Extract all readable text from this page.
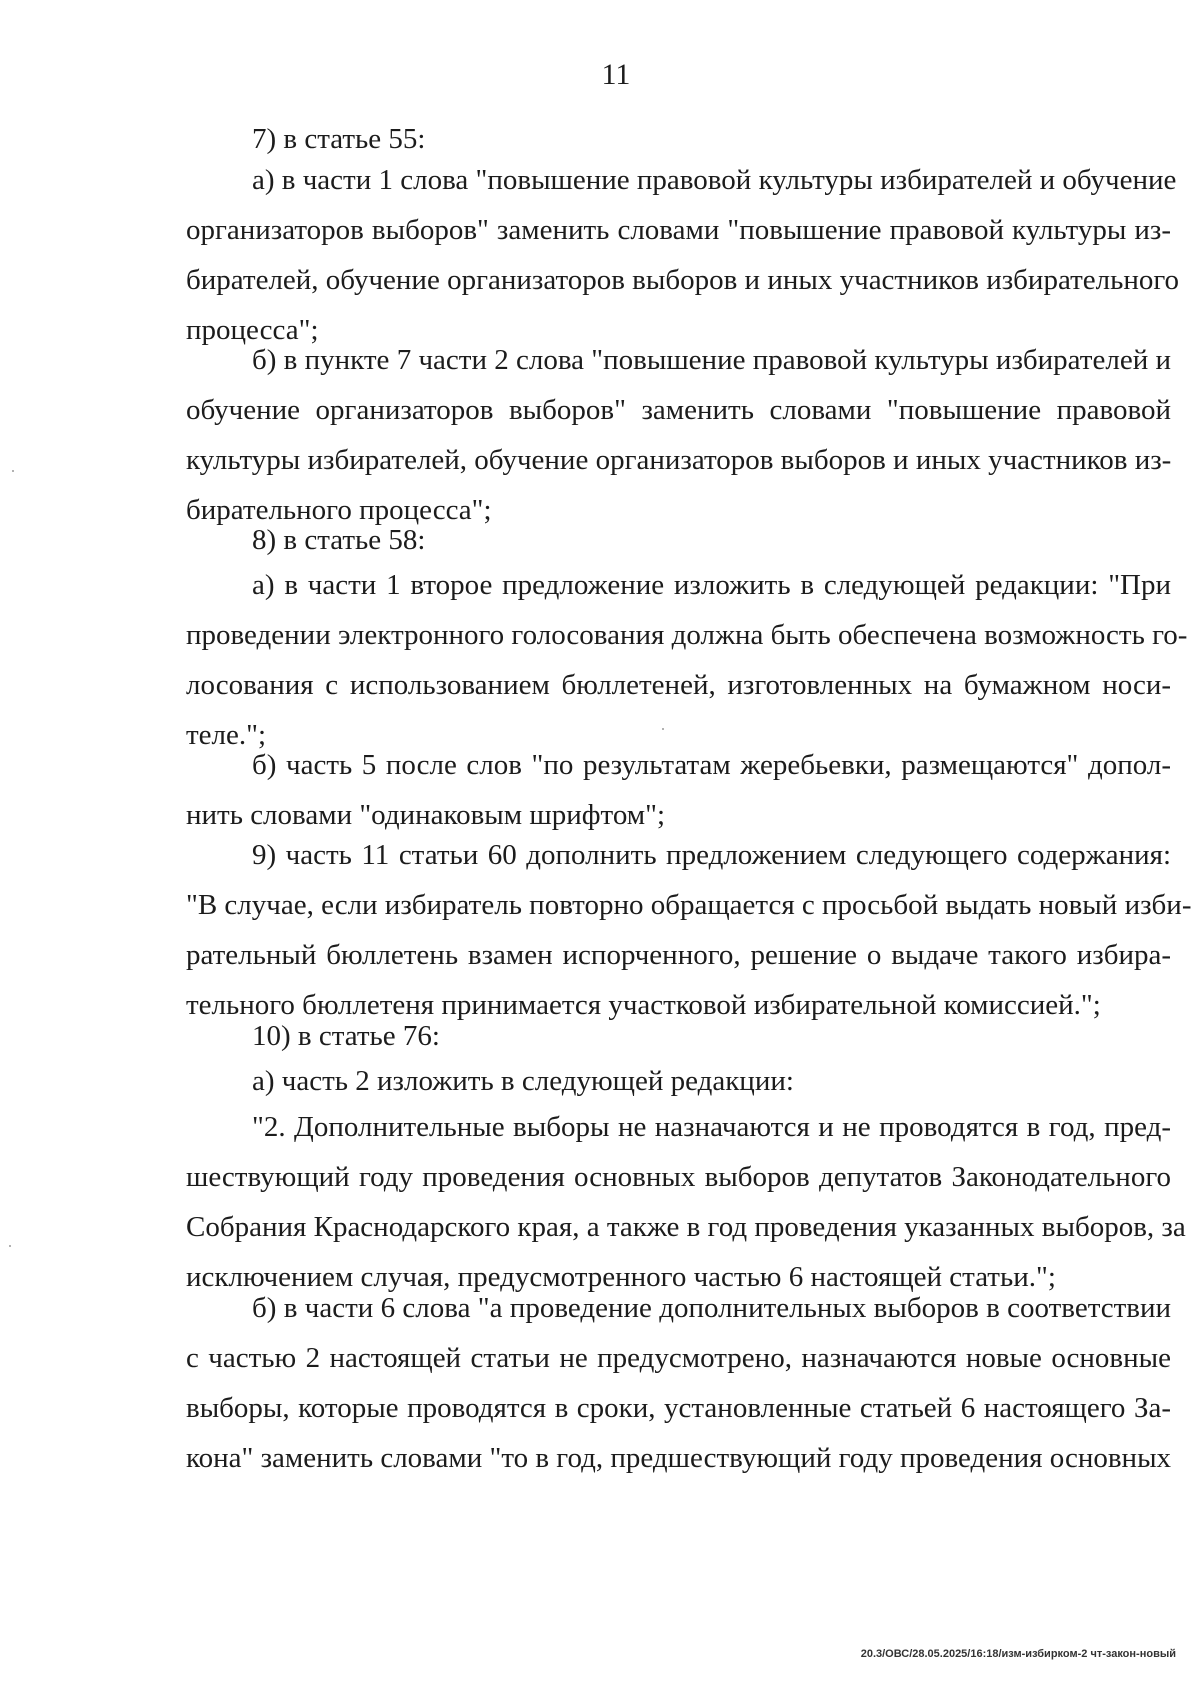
11
7) в статье 55:
а) в части 1 слова "повышение правовой культуры избирателей и обучение
организаторов выборов" заменить словами "повышение правовой культуры из-
бирателей, обучение организаторов выборов и иных участников избирательного
процесса";
б) в пункте 7 части 2 слова "повышение правовой культуры избирателей и
обучение организаторов выборов" заменить словами "повышение правовой
культуры избирателей, обучение организаторов выборов и иных участников из-
бирательного процесса";
8) в статье 58:
а) в части 1 второе предложение изложить в следующей редакции: "При
проведении электронного голосования должна быть обеспечена возможность го-
лосования с использованием бюллетеней, изготовленных на бумажном носи-
теле.";
б) часть 5 после слов "по результатам жеребьевки, размещаются" допол-
нить словами "одинаковым шрифтом";
9) часть 11 статьи 60 дополнить предложением следующего содержания:
"В случае, если избиратель повторно обращается с просьбой выдать новый изби-
рательный бюллетень взамен испорченного, решение о выдаче такого избира-
тельного бюллетеня принимается участковой избирательной комиссией.";
10) в статье 76:
а) часть 2 изложить в следующей редакции:
"2. Дополнительные выборы не назначаются и не проводятся в год, пред-
шествующий году проведения основных выборов депутатов Законодательного
Собрания Краснодарского края, а также в год проведения указанных выборов, за
исключением случая, предусмотренного частью 6 настоящей статьи.";
б) в части 6 слова "а проведение дополнительных выборов в соответствии
с частью 2 настоящей статьи не предусмотрено, назначаются новые основные
выборы, которые проводятся в сроки, установленные статьей 6 настоящего За-
кона" заменить словами "то в год, предшествующий году проведения основных
20.3/ОВС/28.05.2025/16:18/изм-избирком-2 чт-закон-новый
